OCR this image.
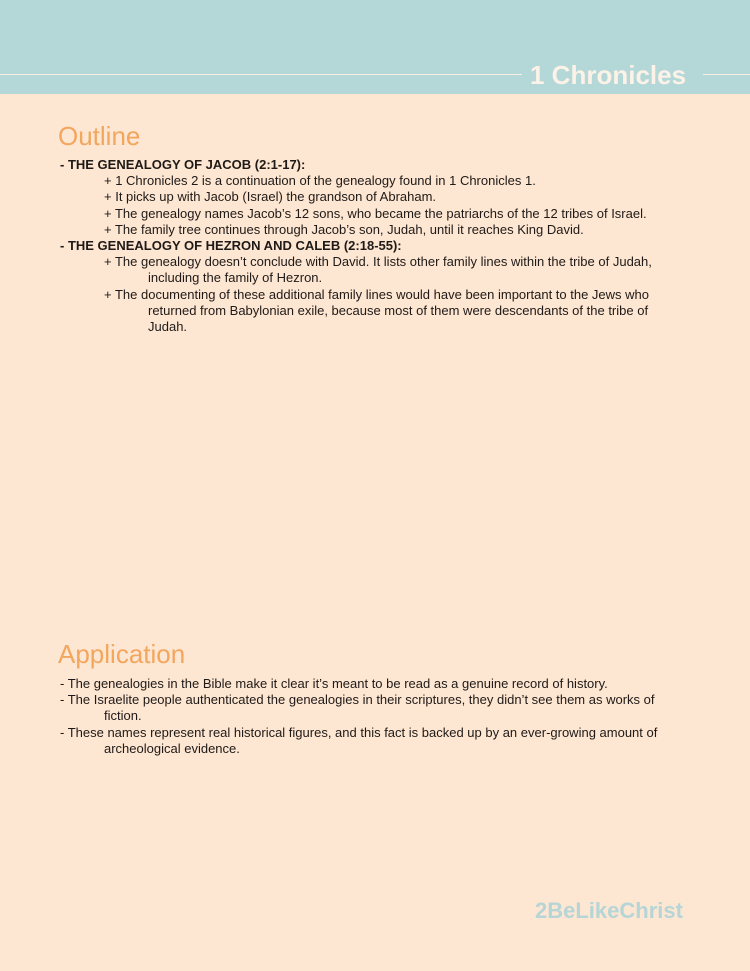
1 Chronicles
Outline
- THE GENEALOGY OF JACOB (2:1-17):
+ 1 Chronicles 2 is a continuation of the genealogy found in 1 Chronicles 1.
+ It picks up with Jacob (Israel) the grandson of Abraham.
+ The genealogy names Jacob’s 12 sons, who became the patriarchs of the 12 tribes of Israel.
+ The family tree continues through Jacob’s son, Judah, until it reaches King David.
- THE GENEALOGY OF HEZRON AND CALEB (2:18-55):
+ The genealogy doesn’t conclude with David. It lists other family lines within the tribe of Judah,
including the family of Hezron.
+ The documenting of these additional family lines would have been important to the Jews who
returned from Babylonian exile, because most of them were descendants of the tribe of
Judah.
Application
- The genealogies in the Bible make it clear it’s meant to be read as a genuine record of history.
- The Israelite people authenticated the genealogies in their scriptures, they didn’t see them as works of
fiction.
- These names represent real historical figures, and this fact is backed up by an ever-growing amount of
archeological evidence.
2BeLikeChrist
